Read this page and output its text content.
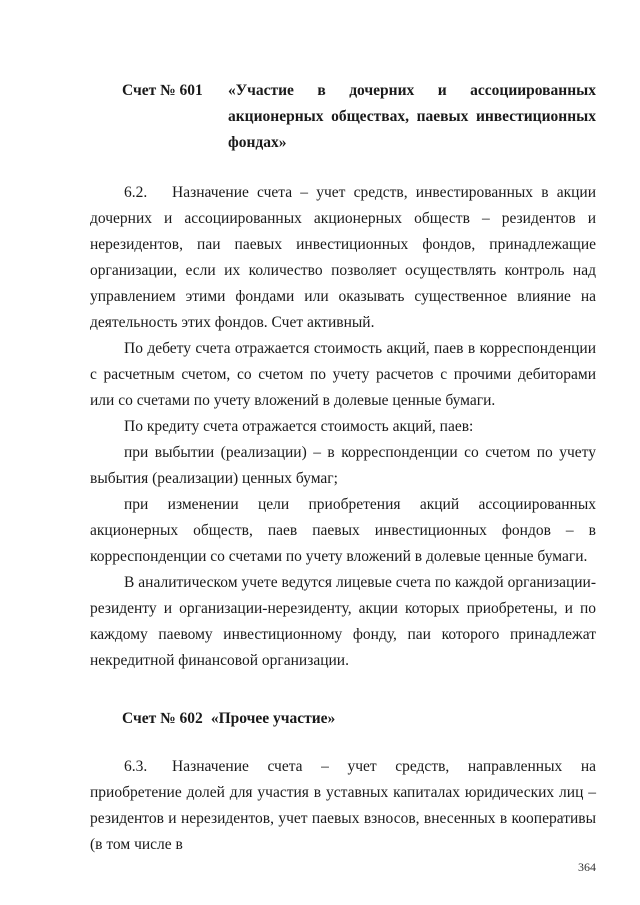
Счет № 601 «Участие в дочерних и ассоциированных акционерных обществах, паевых инвестиционных фондах»

6.2. Назначение счета – учет средств, инвестированных в акции дочерних и ассоциированных акционерных обществ – резидентов и нерезидентов, паи паевых инвестиционных фондов, принадлежащие организации, если их количество позволяет осуществлять контроль над управлением этими фондами или оказывать существенное влияние на деятельность этих фондов. Счет активный.

По дебету счета отражается стоимость акций, паев в корреспонденции с расчетным счетом, со счетом по учету расчетов с прочими дебиторами или со счетами по учету вложений в долевые ценные бумаги.

По кредиту счета отражается стоимость акций, паев:

при выбытии (реализации) – в корреспонденции со счетом по учету выбытия (реализации) ценных бумаг;

при изменении цели приобретения акций ассоциированных акционерных обществ, паев паевых инвестиционных фондов – в корреспонденции со счетами по учету вложений в долевые ценные бумаги.

В аналитическом учете ведутся лицевые счета по каждой организации-резиденту и организации-нерезиденту, акции которых приобретены, и по каждому паевому инвестиционному фонду, паи которого принадлежат некредитной финансовой организации.

Счет № 602 «Прочее участие»

6.3. Назначение счета – учет средств, направленных на приобретение долей для участия в уставных капиталах юридических лиц – резидентов и нерезидентов, учет паевых взносов, внесенных в кооперативы (в том числе в

364
